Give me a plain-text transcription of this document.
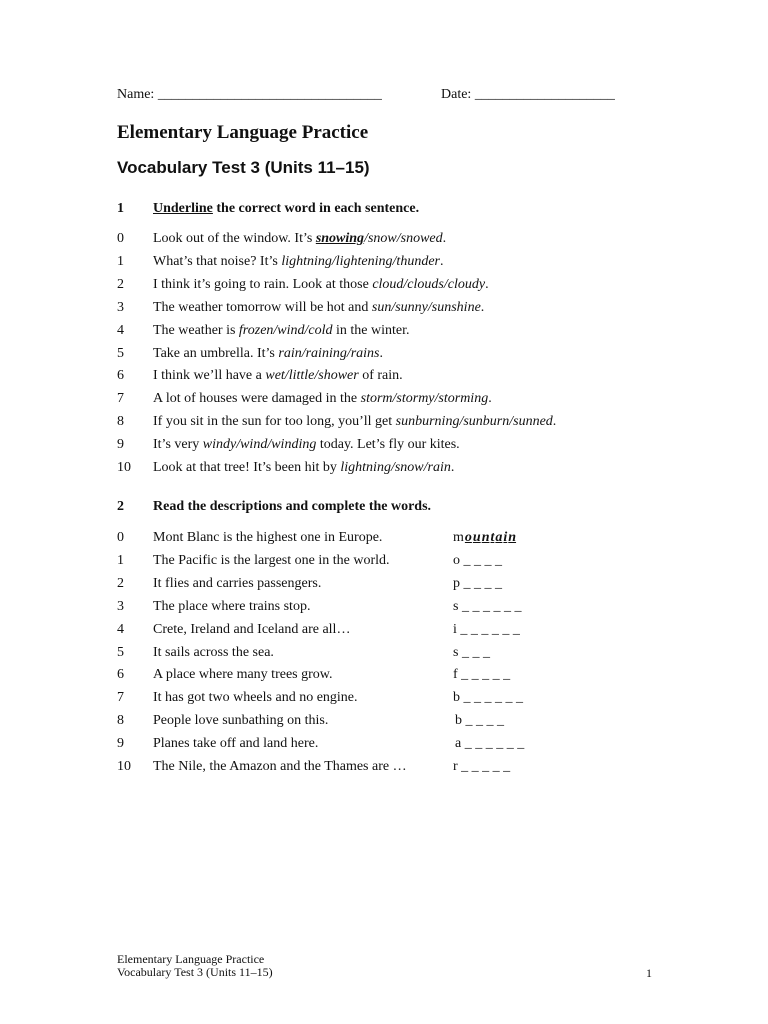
Name: ________________________________	Date: ____________________
Elementary Language Practice
Vocabulary Test 3 (Units 11–15)
1 Underline the correct word in each sentence.
0 Look out of the window. It’s snowing/snow/snowed.
1 What’s that noise? It’s lightning/lightening/thunder.
2 I think it’s going to rain. Look at those cloud/clouds/cloudy.
3 The weather tomorrow will be hot and sun/sunny/sunshine.
4 The weather is frozen/wind/cold in the winter.
5 Take an umbrella. It’s rain/raining/rains.
6 I think we’ll have a wet/little/shower of rain.
7 A lot of houses were damaged in the storm/stormy/storming.
8 If you sit in the sun for too long, you’ll get sunburning/sunburn/sunned.
9 It’s very windy/wind/winding today. Let’s fly our kites.
10 Look at that tree! It’s been hit by lightning/snow/rain.
2 Read the descriptions and complete the words.
0 Mont Blanc is the highest one in Europe.	mountain
1 The Pacific is the largest one in the world.	o _ _ _ _
2 It flies and carries passengers.	p _ _ _ _
3 The place where trains stop.	s _ _ _ _ _ _
4 Crete, Ireland and Iceland are all…	i _ _ _ _ _ _
5 It sails across the sea.	s _ _ _
6 A place where many trees grow.	f _ _ _ _ _
7 It has got two wheels and no engine.	b _ _ _ _ _ _
8 People love sunbathing on this.	b _ _ _ _
9 Planes take off and land here.	a _ _ _ _ _ _
10 The Nile, the Amazon and the Thames are …	r _ _ _ _ _
Elementary Language Practice
Vocabulary Test 3 (Units 11–15)	1
